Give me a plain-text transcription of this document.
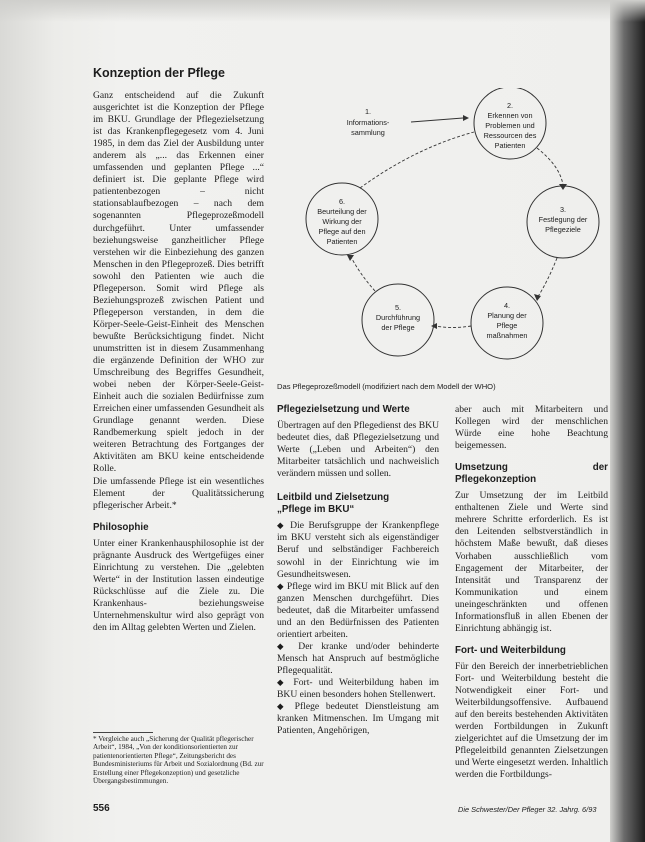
Konzeption der Pflege

Ganz entscheidend auf die Zukunft ausgerichtet ist die Konzeption der Pflege im BKU. Grundlage der Pflegezielsetzung ist das Krankenpflegegesetz vom 4. Juni 1985, in dem das Ziel der Ausbildung unter anderem als „... das Erkennen einer umfassenden und geplanten Pflege ...“ definiert ist. Die geplante Pflege wird patientenbezogen – nicht stationsablaufbezogen – nach dem sogenannten Pflegeprozeßmodell durchgeführt. Unter umfassender beziehungsweise ganzheitlicher Pflege verstehen wir die Einbeziehung des ganzen Menschen in den Pflegeprozeß. Dies betrifft sowohl den Patienten wie auch die Pflegeperson. Somit wird Pflege als Beziehungsprozeß zwischen Patient und Pflegeperson verstanden, in dem die Körper-Seele-Geist-Einheit des Menschen bewußte Berücksichtigung findet. Nicht unumstritten ist in diesem Zusammenhang die ergänzende Definition der WHO zur Umschreibung des Begriffes Gesundheit, wobei neben der Körper-Seele-Geist-Einheit auch die sozialen Bedürfnisse zum Erreichen einer umfassenden Gesundheit als Grundlage genannt werden. Diese Randbemerkung spielt jedoch in der weiteren Betrachtung des Fortganges der Aktivitäten am BKU keine entscheidende Rolle.

Die umfassende Pflege ist ein wesentliches Element der Qualitätssicherung pflegerischer Arbeit.*

Philosophie

Unter einer Krankenhausphilosophie ist der prägnante Ausdruck des Wertgefüges einer Einrichtung zu verstehen. Die „gelebten Werte“ in der Institution lassen eindeutige Rückschlüsse auf die Ziele zu. Die Krankenhaus- beziehungsweise Unternehmenskultur wird also geprägt von den im Alltag gelebten Werten und Zielen.

* Vergleiche auch „Sicherung der Qualität pflegerischer Arbeit“, 1984, „Von der konditionsorientierten zur patientenorientierten Pflege“, Zeitungsbericht des Bundesministeriums für Arbeit und Sozialordnung (Bd. zur Erstellung einer Pflegekonzeption) und gesetzliche Übergangsbestimmungen.
1.
Informations-
sammlung
2.
Erkennen von
Problemen und
Ressourcen des
Patienten
3.
Festlegung der
Pflegeziele
4.
Planung der
Pflege
maßnahmen
5.
Durchführung
der Pflege
6.
Beurteilung der
Wirkung der
Pflege auf den
Patienten
Das Pflegeprozeßmodell (modifiziert nach dem Modell der WHO)
Pflegezielsetzung und Werte

Übertragen auf den Pflegedienst des BKU bedeutet dies, daß Pflegezielsetzung und Werte („Leben und Arbeiten“) den Mitarbeiter tatsächlich und nachweislich verändern müssen und sollen.

Leitbild und Zielsetzung
„Pflege im BKU“

◆ Die Berufsgruppe der Krankenpflege im BKU versteht sich als eigenständiger Beruf und selbständiger Fachbereich sowohl in der Einrichtung wie im Gesundheitswesen.

◆ Pflege wird im BKU mit Blick auf den ganzen Menschen durchgeführt. Dies bedeutet, daß die Mitarbeiter umfassend und an den Bedürfnissen des Patienten orientiert arbeiten.

◆ Der kranke und/oder behinderte Mensch hat Anspruch auf bestmögliche Pflegequalität.

◆ Fort- und Weiterbildung haben im BKU einen besonders hohen Stellenwert.

◆ Pflege bedeutet Dienstleistung am kranken Mitmenschen. Im Umgang mit Patienten, Angehörigen,

aber auch mit Mitarbeitern und Kollegen wird der menschlichen Würde eine hohe Beachtung beigemessen.

Umsetzung der Pflegekonzeption

Zur Umsetzung der im Leitbild enthaltenen Ziele und Werte sind mehrere Schritte erforderlich. Es ist den Leitenden selbstverständlich in höchstem Maße bewußt, daß dieses Vorhaben ausschließlich vom Engagement der Mitarbeiter, der Intensität und Transparenz der Kommunikation und einem uneingeschränkten und offenen Informationsfluß in allen Ebenen der Einrichtung abhängig ist.

Fort- und Weiterbildung

Für den Bereich der innerbetrieblichen Fort- und Weiterbildung besteht die Notwendigkeit einer Fort- und Weiterbildungsoffensive. Aufbauend auf den bereits bestehenden Aktivitäten werden Fortbildungen in Zukunft zielgerichtet auf die Umsetzung der im Pflegeleitbild genannten Zielsetzungen und Werte eingesetzt werden. Inhaltlich werden die Fortbildungs-

556	Die Schwester/Der Pfleger 32. Jahrg. 6/93
